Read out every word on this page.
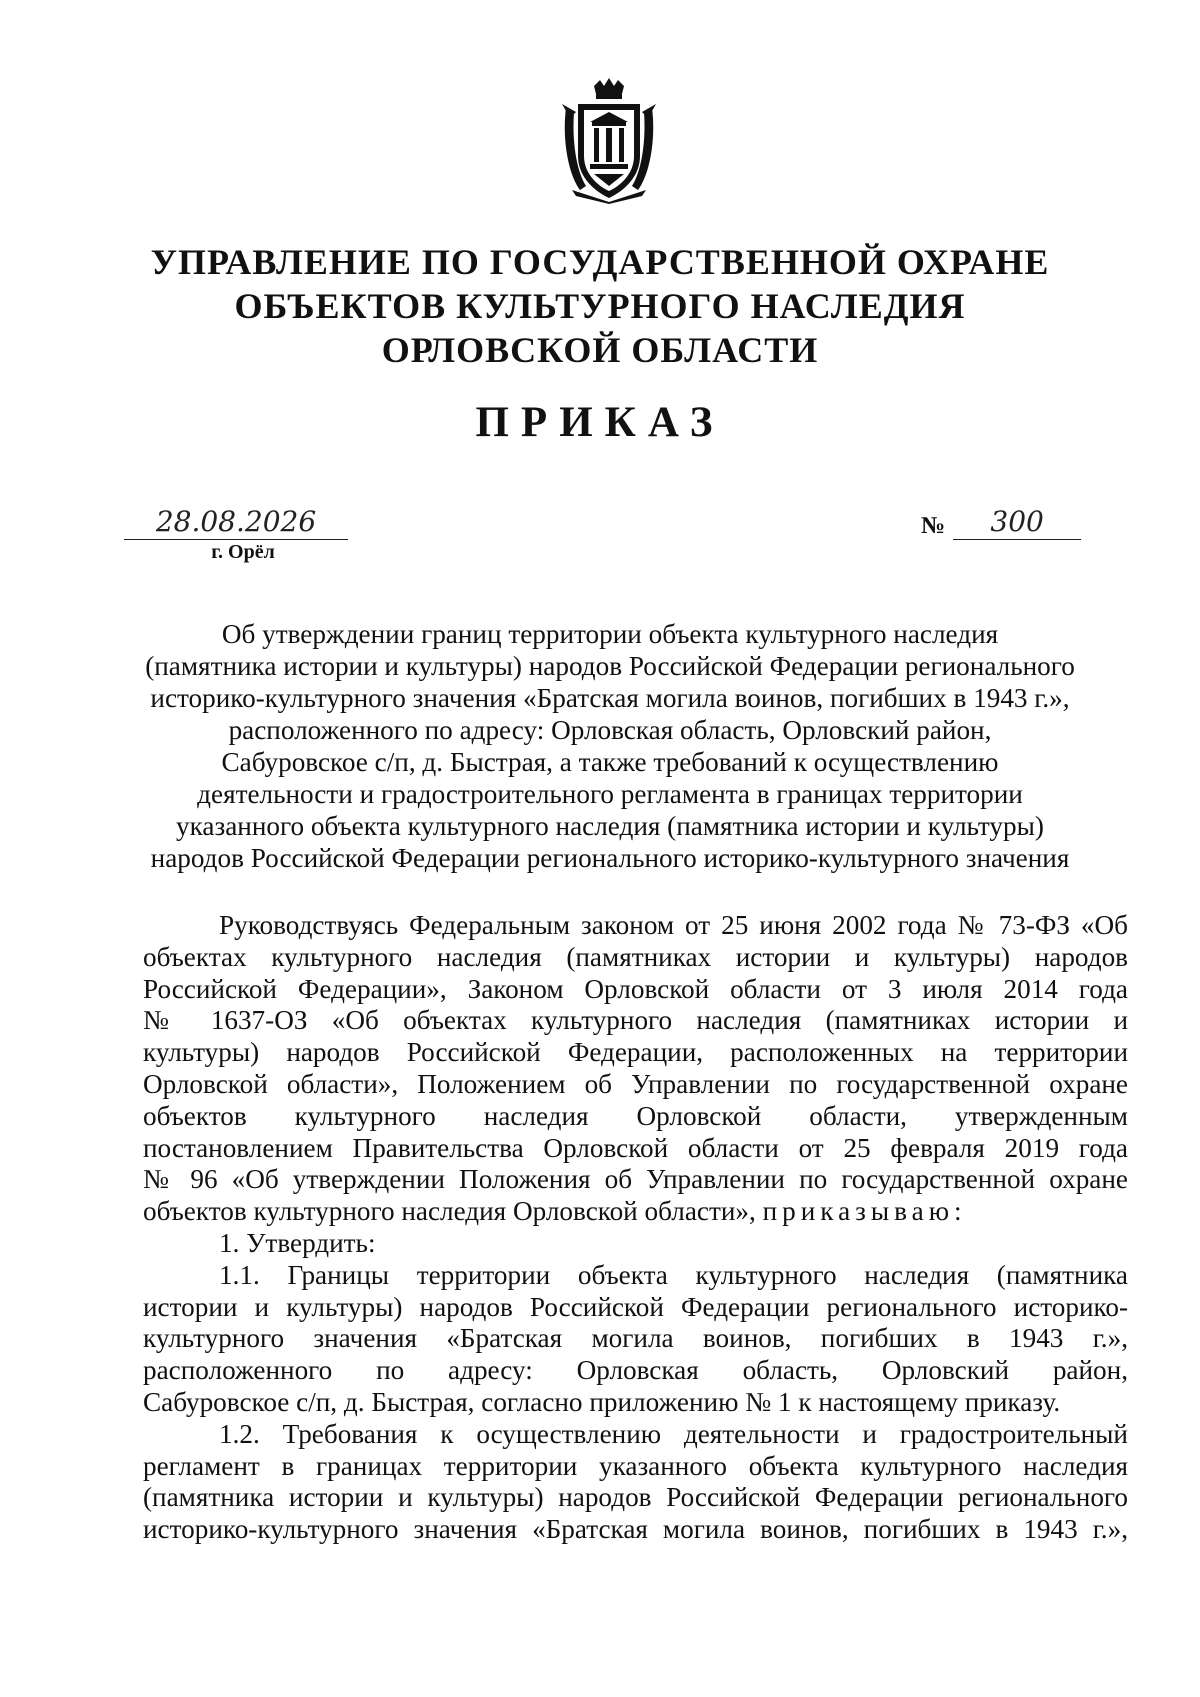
УПРАВЛЕНИЕ ПО ГОСУДАРСТВЕННОЙ ОХРАНЕ
ОБЪЕКТОВ КУЛЬТУРНОГО НАСЛЕДИЯ
ОРЛОВСКОЙ ОБЛАСТИ
ПРИКАЗ
28.08.2026
г. Орёл
№ 300
Об утверждении границ территории объекта культурного наследия
(памятника истории и культуры) народов Российской Федерации регионального
историко-культурного значения «Братская могила воинов, погибших в 1943 г.»,
расположенного по адресу: Орловская область, Орловский район,
Сабуровское с/п, д. Быстрая, а также требований к осуществлению
деятельности и градостроительного регламента в границах территории
указанного объекта культурного наследия (памятника истории и культуры)
народов Российской Федерации регионального историко-культурного значения
Руководствуясь Федеральным законом от 25 июня 2002 года № 73-ФЗ «Об
объектах культурного наследия (памятниках истории и культуры) народов
Российской Федерации», Законом Орловской области от 3 июля 2014 года
№ 1637-ОЗ «Об объектах культурного наследия (памятниках истории и
культуры) народов Российской Федерации, расположенных на территории
Орловской области», Положением об Управлении по государственной охране
объектов культурного наследия Орловской области, утвержденным
постановлением Правительства Орловской области от 25 февраля 2019 года
№ 96 «Об утверждении Положения об Управлении по государственной охране
объектов культурного наследия Орловской области», приказываю:
1. Утвердить:
1.1. Границы территории объекта культурного наследия (памятника
истории и культуры) народов Российской Федерации регионального историко-
культурного значения «Братская могила воинов, погибших в 1943 г.»,
расположенного по адресу: Орловская область, Орловский район,
Сабуровское с/п, д. Быстрая, согласно приложению № 1 к настоящему приказу.
1.2. Требования к осуществлению деятельности и градостроительный
регламент в границах территории указанного объекта культурного наследия
(памятника истории и культуры) народов Российской Федерации регионального
историко-культурного значения «Братская могила воинов, погибших в 1943 г.»,
